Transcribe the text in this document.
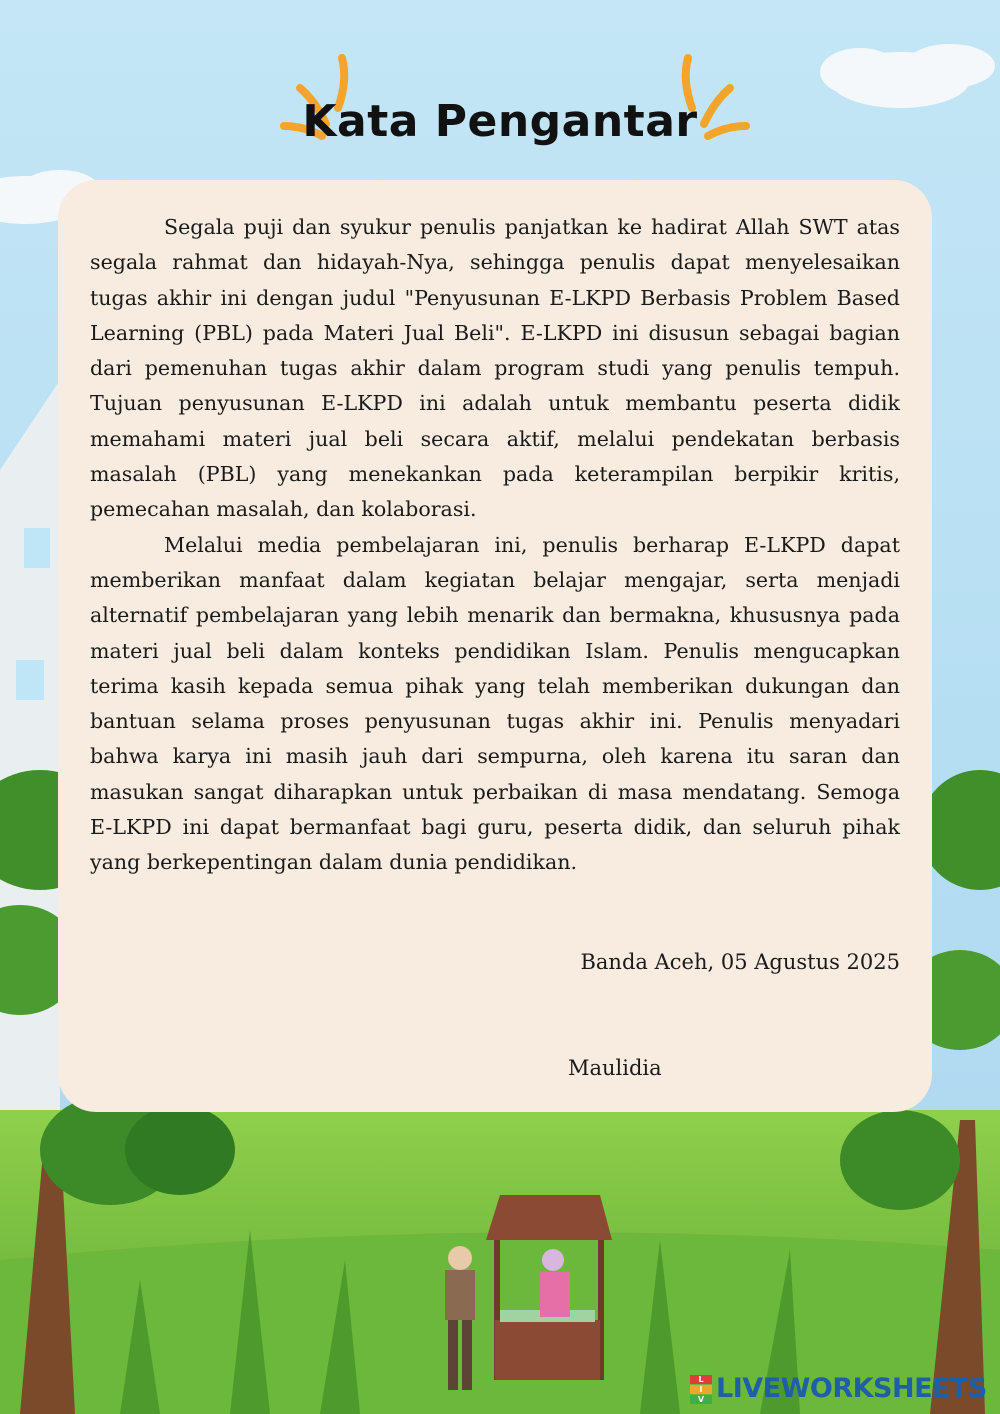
Kata Pengantar

Segala puji dan syukur penulis panjatkan ke hadirat Allah SWT atas segala rahmat dan hidayah-Nya, sehingga penulis dapat menyelesaikan tugas akhir ini dengan judul "Penyusunan E-LKPD Berbasis Problem Based Learning (PBL) pada Materi Jual Beli". E-LKPD ini disusun sebagai bagian dari pemenuhan tugas akhir dalam program studi yang penulis tempuh. Tujuan penyusunan E-LKPD ini adalah untuk membantu peserta didik memahami materi jual beli secara aktif, melalui pendekatan berbasis masalah (PBL) yang menekankan pada keterampilan berpikir kritis, pemecahan masalah, dan kolaborasi.

Melalui media pembelajaran ini, penulis berharap E-LKPD dapat memberikan manfaat dalam kegiatan belajar mengajar, serta menjadi alternatif pembelajaran yang lebih menarik dan bermakna, khususnya pada materi jual beli dalam konteks pendidikan Islam. Penulis mengucapkan terima kasih kepada semua pihak yang telah memberikan dukungan dan bantuan selama proses penyusunan tugas akhir ini. Penulis menyadari bahwa karya ini masih jauh dari sempurna, oleh karena itu saran dan masukan sangat diharapkan untuk perbaikan di masa mendatang. Semoga E-LKPD ini dapat bermanfaat bagi guru, peserta didik, dan seluruh pihak yang berkepentingan dalam dunia pendidikan.

Banda Aceh, 05 Agustus 2025
Maulidia
L
I
V LIVEWORKSHEETS
